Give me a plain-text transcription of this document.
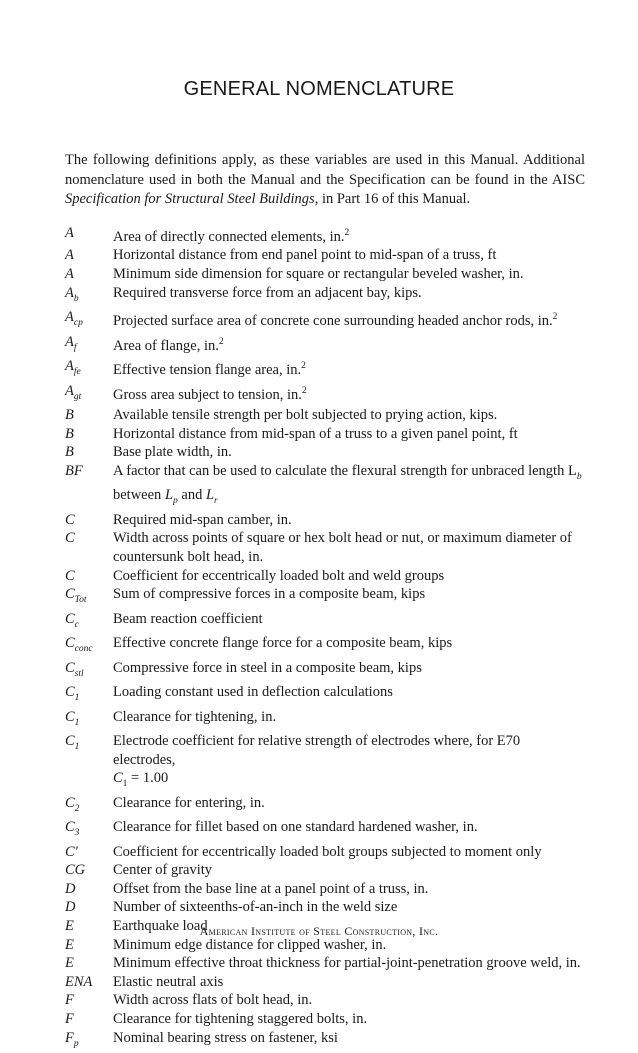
GENERAL NOMENCLATURE
The following definitions apply, as these variables are used in this Manual. Additional nomenclature used in both the Manual and the Specification can be found in the AISC Specification for Structural Steel Buildings, in Part 16 of this Manual.
A	Area of directly connected elements, in.$^2$
A	Horizontal distance from end panel point to mid-span of a truss, ft
A	Minimum side dimension for square or rectangular beveled washer, in.
$A_b$	Required transverse force from an adjacent bay, kips.
$A_{cp}$	Projected surface area of concrete cone surrounding headed anchor rods, in.$^2$
$A_f$	Area of flange, in.$^2$
$A_{fe}$	Effective tension flange area, in.$^2$
$A_{gt}$	Gross area subject to tension, in.$^2$
B	Available tensile strength per bolt subjected to prying action, kips.
B	Horizontal distance from mid-span of a truss to a given panel point, ft
B	Base plate width, in.
BF	A factor that can be used to calculate the flexural strength for unbraced length $L_b$
between $L_p$ and $L_r$
C	Required mid-span camber, in.
C	Width across points of square or hex bolt head or nut, or maximum diameter of countersunk bolt head, in.
C	Coefficient for eccentrically loaded bolt and weld groups
$C_{Tot}$	Sum of compressive forces in a composite beam, kips
$C_c$	Beam reaction coefficient
$C_{conc}$	Effective concrete flange force for a composite beam, kips
$C_{stl}$	Compressive force in steel in a composite beam, kips
$C_1$	Loading constant used in deflection calculations
$C_1$	Clearance for tightening, in.
$C_1$	Electrode coefficient for relative strength of electrodes where, for E70 electrodes,
$C_1 = 1.00$
$C_2$	Clearance for entering, in.
$C_3$	Clearance for fillet based on one standard hardened washer, in.
C'	Coefficient for eccentrically loaded bolt groups subjected to moment only
CG	Center of gravity
D	Offset from the base line at a panel point of a truss, in.
D	Number of sixteenths-of-an-inch in the weld size
E	Earthquake load
E	Minimum edge distance for clipped washer, in.
E	Minimum effective throat thickness for partial-joint-penetration groove weld, in.
ENA	Elastic neutral axis
F	Width across flats of bolt head, in.
F	Clearance for tightening staggered bolts, in.
$F_p$	Nominal bearing stress on fastener, ksi
American Institute of Steel Construction, Inc.
